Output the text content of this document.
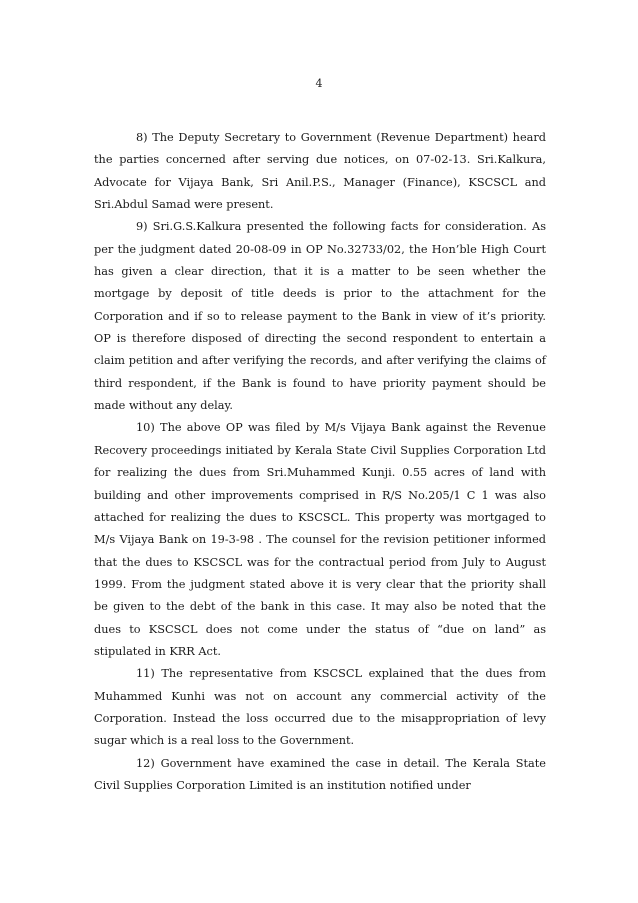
4

8) The Deputy Secretary to Government (Revenue Department) heard the parties concerned after serving due notices, on 07-02-13. Sri.Kalkura, Advocate for Vijaya Bank, Sri Anil.P.S., Manager (Finance), KSCSCL and Sri.Abdul Samad were present.

9) Sri.G.S.Kalkura presented the following facts for consideration. As per the judgment dated 20-08-09 in OP No.32733/02, the Hon’ble High Court has given a clear direction, that it is a matter to be seen whether the mortgage by deposit of title deeds is prior to the attachment for the Corporation and if so to release payment to the Bank in view of it’s priority. OP is therefore disposed of directing the second respondent to entertain a claim petition and after verifying the records, and after verifying the claims of third respondent, if the Bank is found to have priority payment should be made without any delay.

10) The above OP was filed by M/s Vijaya Bank against the Revenue Recovery proceedings initiated by Kerala State Civil Supplies Corporation Ltd for realizing the dues from Sri.Muhammed Kunji. 0.55 acres of land with building and other improvements comprised in R/S No.205/1 C 1 was also attached for realizing the dues to KSCSCL. This property was mortgaged to M/s Vijaya Bank on 19-3-98 . The counsel for the revision petitioner informed that the dues to KSCSCL was for the contractual period from July to August 1999. From the judgment stated above it is very clear that the priority shall be given to the debt of the bank in this case. It may also be noted that the dues to KSCSCL does not come under the status of “due on land” as stipulated in KRR Act.

11) The representative from KSCSCL explained that the dues from Muhammed Kunhi was not on account any commercial activity of the Corporation. Instead the loss occurred due to the misappropriation of levy sugar which is a real loss to the Government.

12) Government have examined the case in detail. The Kerala State Civil Supplies Corporation Limited is an institution notified under
